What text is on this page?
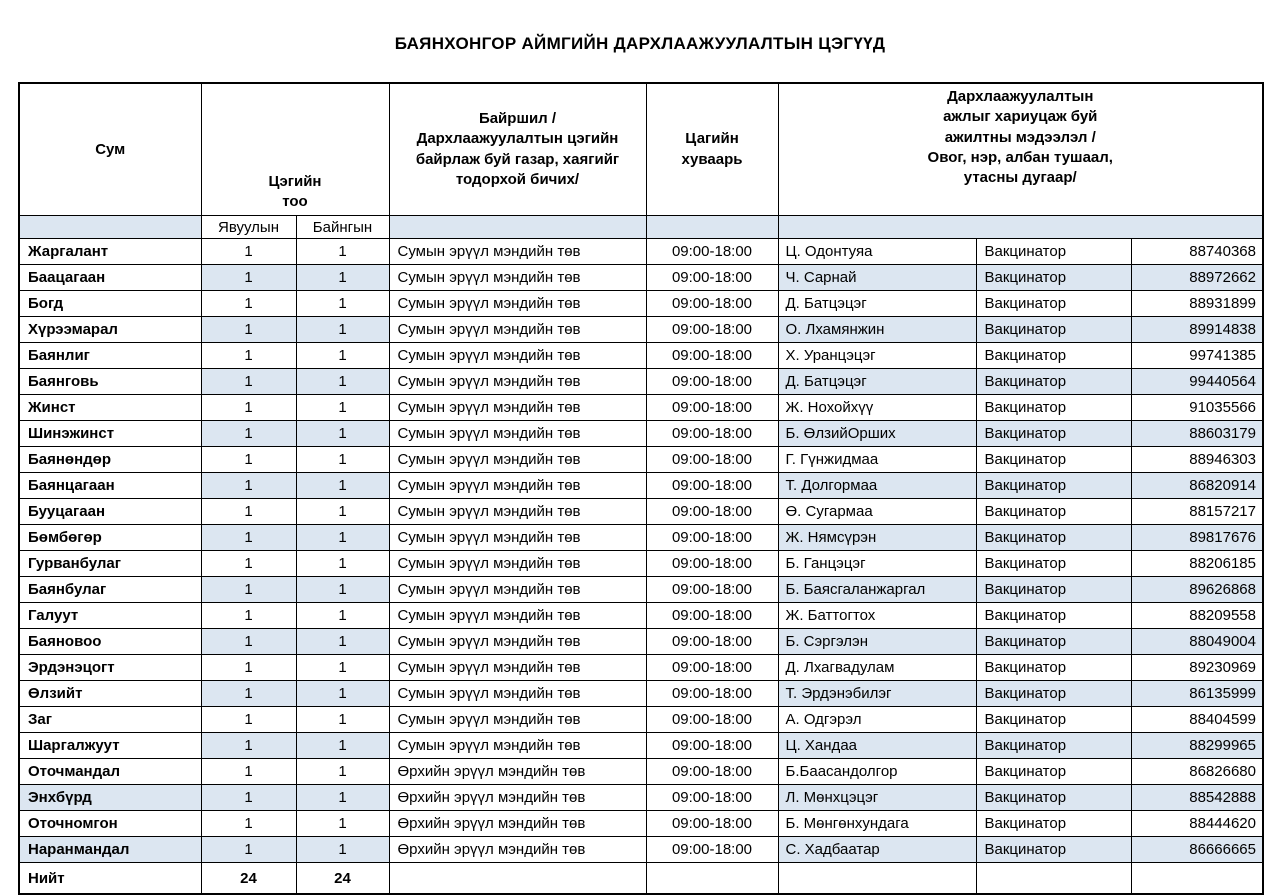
БАЯНХОНГОР АЙМГИЙН ДАРХЛААЖУУЛАЛТЫН ЦЭГҮҮД
Сум	Цэгийн тоо		Байршил /Дархлаажуулалтын цэгийн байрлаж буй газар, хаягийг тодорхой бичих/	Цагийн хуваарь	Дархлаажуулалтын ажлыг хариуцаж буй ажилтны мэдээлэл /Овог, нэр, албан тушаал, утасны дугаар/		
	Явуулын	Байнгын					
Жаргалант	1	1	Сумын эрүүл мэндийн төв	09:00-18:00	Ц. Одонтуяа	Вакцинатор	88740368
Баацагаан	1	1	Сумын эрүүл мэндийн төв	09:00-18:00	Ч. Сарнай	Вакцинатор	88972662
Богд	1	1	Сумын эрүүл мэндийн төв	09:00-18:00	Д. Батцэцэг	Вакцинатор	88931899
Хүрээмарал	1	1	Сумын эрүүл мэндийн төв	09:00-18:00	О. Лхамянжин	Вакцинатор	89914838
Баянлиг	1	1	Сумын эрүүл мэндийн төв	09:00-18:00	Х. Уранцэцэг	Вакцинатор	99741385
Баянговь	1	1	Сумын эрүүл мэндийн төв	09:00-18:00	Д. Батцэцэг	Вакцинатор	99440564
Жинст	1	1	Сумын эрүүл мэндийн төв	09:00-18:00	Ж. Нохойхүү	Вакцинатор	91035566
Шинэжинст	1	1	Сумын эрүүл мэндийн төв	09:00-18:00	Б. ӨлзийОрших	Вакцинатор	88603179
Баянөндөр	1	1	Сумын эрүүл мэндийн төв	09:00-18:00	Г. Гүнжидмаа	Вакцинатор	88946303
Баянцагаан	1	1	Сумын эрүүл мэндийн төв	09:00-18:00	Т. Долгормаа	Вакцинатор	86820914
Бууцагаан	1	1	Сумын эрүүл мэндийн төв	09:00-18:00	Ө. Сугармаа	Вакцинатор	88157217
Бөмбөгөр	1	1	Сумын эрүүл мэндийн төв	09:00-18:00	Ж. Нямсүрэн	Вакцинатор	89817676
Гурванбулаг	1	1	Сумын эрүүл мэндийн төв	09:00-18:00	Б. Ганцэцэг	Вакцинатор	88206185
Баянбулаг	1	1	Сумын эрүүл мэндийн төв	09:00-18:00	Б. Баясгаланжаргал	Вакцинатор	89626868
Галуут	1	1	Сумын эрүүл мэндийн төв	09:00-18:00	Ж. Баттогтох	Вакцинатор	88209558
Баяновоо	1	1	Сумын эрүүл мэндийн төв	09:00-18:00	Б. Сэргэлэн	Вакцинатор	88049004
Эрдэнэцогт	1	1	Сумын эрүүл мэндийн төв	09:00-18:00	Д. Лхагвадулам	Вакцинатор	89230969
Өлзийт	1	1	Сумын эрүүл мэндийн төв	09:00-18:00	Т. Эрдэнэбилэг	Вакцинатор	86135999
Заг	1	1	Сумын эрүүл мэндийн төв	09:00-18:00	А. Одгэрэл	Вакцинатор	88404599
Шаргалжуут	1	1	Сумын эрүүл мэндийн төв	09:00-18:00	Ц. Хандаа	Вакцинатор	88299965
Оточмандал	1	1	Өрхийн эрүүл мэндийн төв	09:00-18:00	Б.Баасандолгор	Вакцинатор	86826680
Энхбүрд	1	1	Өрхийн эрүүл мэндийн төв	09:00-18:00	Л. Мөнхцэцэг	Вакцинатор	88542888
Оточномгон	1	1	Өрхийн эрүүл мэндийн төв	09:00-18:00	Б. Мөнгөнхундага	Вакцинатор	88444620
Наранмандал	1	1	Өрхийн эрүүл мэндийн төв	09:00-18:00	С. Хадбаатар	Вакцинатор	86666665
Нийт	24	24					
